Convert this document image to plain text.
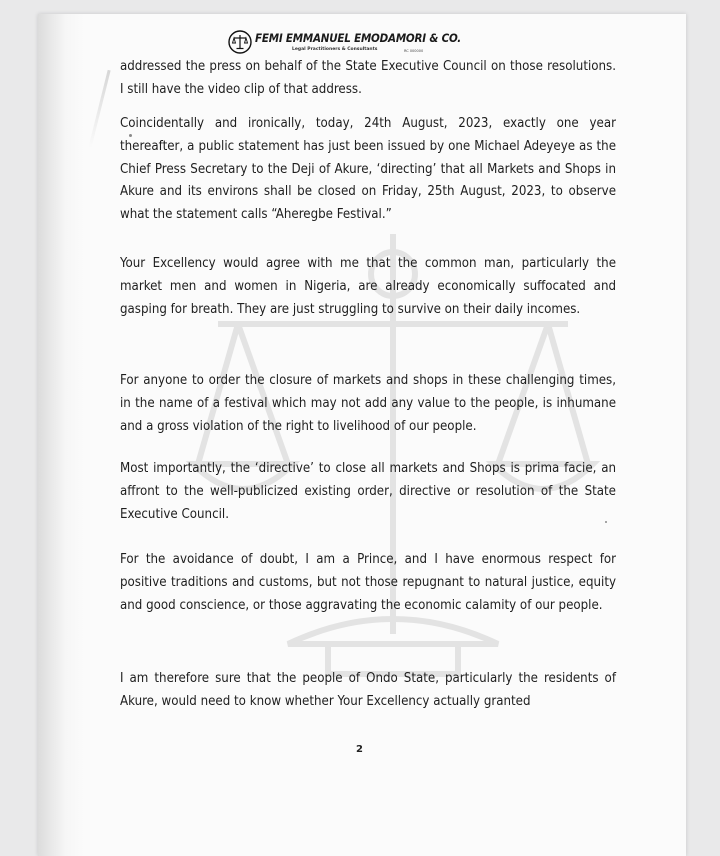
FEMI EMMANUEL EMODAMORI & CO.
Legal Practitioners & Consultants	RC 000000

addressed the press on behalf of the State Executive Council on those resolutions. I still have the video clip of that address.

Coincidentally and ironically, today, 24th August, 2023, exactly one year thereafter, a public statement has just been issued by one Michael Adeyeye as the Chief Press Secretary to the Deji of Akure, ‘directing’ that all Markets and Shops in Akure and its environs shall be closed on Friday, 25th August, 2023, to observe what the statement calls “Aheregbe Festival.”

Your Excellency would agree with me that the common man, particularly the market men and women in Nigeria, are already economically suffocated and gasping for breath. They are just struggling to survive on their daily incomes.

For anyone to order the closure of markets and shops in these challenging times, in the name of a festival which may not add any value to the people, is inhumane and a gross violation of the right to livelihood of our people.

Most importantly, the ‘directive’ to close all markets and Shops is prima facie, an affront to the well-publicized existing order, directive or resolution of the State Executive Council.

For the avoidance of doubt, I am a Prince, and I have enormous respect for positive traditions and customs, but not those repugnant to natural justice, equity and good conscience, or those aggravating the economic calamity of our people.

I am therefore sure that the people of Ondo State, particularly the residents of Akure, would need to know whether Your Excellency actually granted

2
